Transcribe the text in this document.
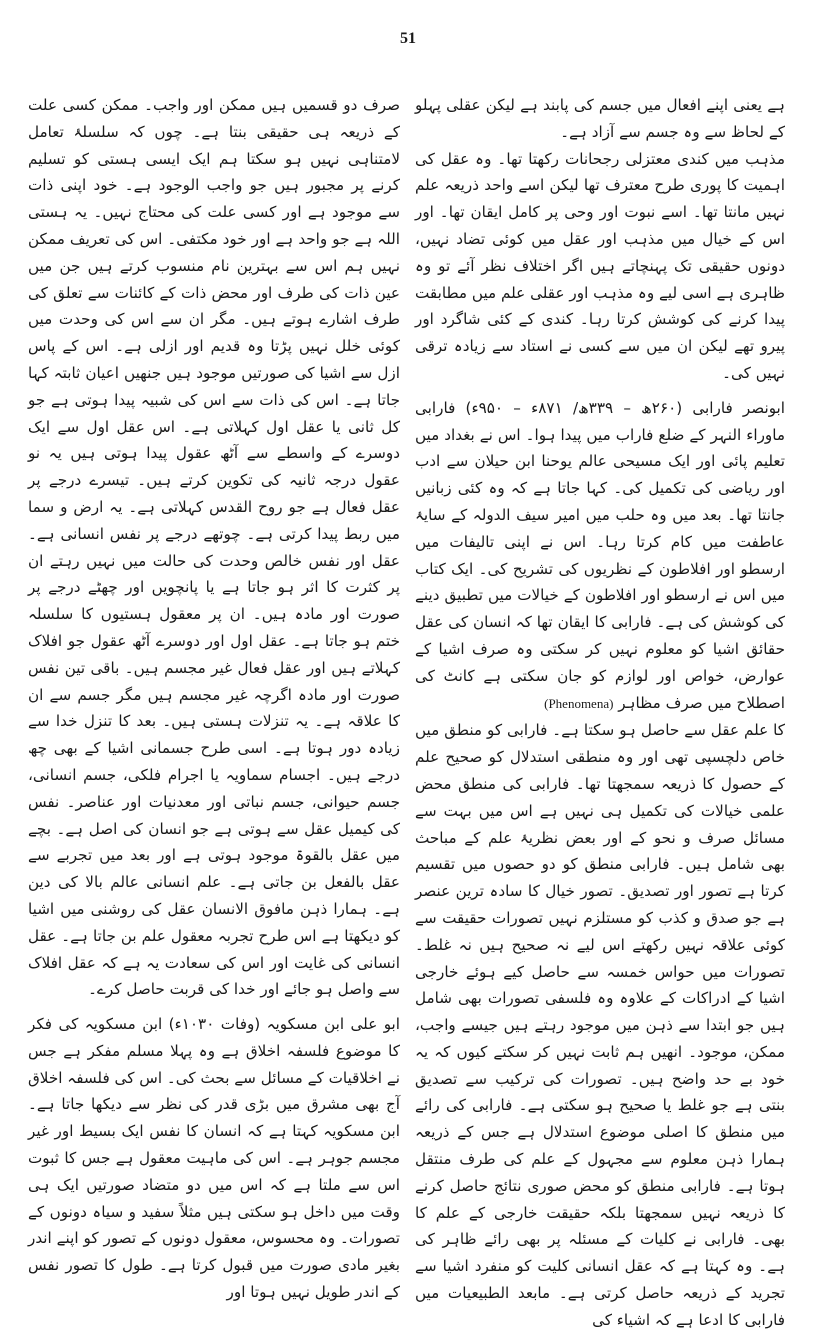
51

ہے یعنی اپنے افعال میں جسم کی پابند ہے لیکن عقلی پہلو کے لحاظ سے وہ جسم سے آزاد ہے۔

مذہب میں کندی معتزلی رجحانات رکھتا تھا۔ وہ عقل کی اہمیت کا پوری طرح معترف تھا لیکن اسے واحد ذریعہ علم نہیں مانتا تھا۔ اسے نبوت اور وحی پر کامل ایقان تھا۔ اور اس کے خیال میں مذہب اور عقل میں کوئی تضاد نہیں، دونوں حقیقی تک پہنچاتے ہیں اگر اختلاف نظر آئے تو وہ ظاہری ہے اسی لیے وہ مذہب اور عقلی علم میں مطابقت پیدا کرنے کی کوشش کرتا رہا۔ کندی کے کئی شاگرد اور پیرو تھے لیکن ان میں سے کسی نے استاد سے زیادہ ترقی نہیں کی۔

ابونصر فارابی (۲۶۰ھ – ۳۳۹ھ/ ۸۷۱ء – ۹۵۰ء) فارابی ماوراء النہر کے ضلع فاراب میں پیدا ہوا۔ اس نے بغداد میں تعلیم پائی اور ایک مسیحی عالم یوحنا ابن حیلان سے ادب اور ریاضی کی تکمیل کی۔ کہا جاتا ہے کہ وہ کئی زبانیں جانتا تھا۔ بعد میں وہ حلب میں امیر سیف الدولہ کے سایۂ عاطفت میں کام کرتا رہا۔ اس نے اپنی تالیفات میں ارسطو اور افلاطون کے نظریوں کی تشریح کی۔ ایک کتاب میں اس نے ارسطو اور افلاطون کے خیالات میں تطبیق دینے کی کوشش کی ہے۔ فارابی کا ایقان تھا کہ انسان کی عقل حقائق اشیا کو معلوم نہیں کر سکتی وہ صرف اشیا کے عوارض، خواص اور لوازم کو جان سکتی ہے کانٹ کی اصطلاح میں صرف مظاہر (Phenomena)

کا علم عقل سے حاصل ہو سکتا ہے۔ فارابی کو منطق میں خاص دلچسپی تھی اور وہ منطقی استدلال کو صحیح علم کے حصول کا ذریعہ سمجھتا تھا۔ فارابی کی منطق محض علمی خیالات کی تکمیل ہی نہیں ہے اس میں بہت سے مسائل صرف و نحو کے اور بعض نظریۂ علم کے مباحث بھی شامل ہیں۔ فارابی منطق کو دو حصوں میں تقسیم کرتا ہے تصور اور تصدیق۔ تصور خیال کا سادہ ترین عنصر ہے جو صدق و کذب کو مستلزم نہیں تصورات حقیقت سے کوئی علاقہ نہیں رکھتے اس لیے نہ صحیح ہیں نہ غلط۔ تصورات میں حواس خمسہ سے حاصل کیے ہوئے خارجی اشیا کے ادراکات کے علاوہ وہ فلسفی تصورات بھی شامل ہیں جو ابتدا سے ذہن میں موجود رہتے ہیں جیسے واجب، ممکن، موجود۔ انھیں ہم ثابت نہیں کر سکتے کیوں کہ یہ خود بے حد واضح ہیں۔ تصورات کی ترکیب سے تصدیق بنتی ہے جو غلط یا صحیح ہو سکتی ہے۔ فارابی کی رائے میں منطق کا اصلی موضوع استدلال ہے جس کے ذریعہ ہمارا ذہن معلوم سے مجہول کے علم کی طرف منتقل ہوتا ہے۔ فارابی منطق کو محض صوری نتائج حاصل کرنے کا ذریعہ نہیں سمجھتا بلکہ حقیقت خارجی کے علم کا بھی۔ فارابی نے کلیات کے مسئلہ پر بھی رائے ظاہر کی ہے۔ وہ کہتا ہے کہ عقل انسانی کلیت کو منفرد اشیا سے تجرید کے ذریعہ حاصل کرتی ہے۔ مابعد الطبیعیات میں فارابی کا ادعا ہے کہ اشیاء کی

صرف دو قسمیں ہیں ممکن اور واجب۔ ممکن کسی علت کے ذریعہ ہی حقیقی بنتا ہے۔ چوں کہ سلسلۂ تعامل لامتناہی نہیں ہو سکتا ہم ایک ایسی ہستی کو تسلیم کرنے پر مجبور ہیں جو واجب الوجود ہے۔ خود اپنی ذات سے موجود ہے اور کسی علت کی محتاج نہیں۔ یہ ہستی اللہ ہے جو واحد ہے اور خود مکتفی۔ اس کی تعریف ممکن نہیں ہم اس سے بہترین نام منسوب کرتے ہیں جن میں عین ذات کی طرف اور محض ذات کے کائنات سے تعلق کی طرف اشارے ہوتے ہیں۔ مگر ان سے اس کی وحدت میں کوئی خلل نہیں پڑتا وہ قدیم اور ازلی ہے۔ اس کے پاس ازل سے اشیا کی صورتیں موجود ہیں جنھیں اعیان ثابتہ کہا جاتا ہے۔ اس کی ذات سے اس کی شبیہ پیدا ہوتی ہے جو کل ثانی یا عقل اول کہلاتی ہے۔ اس عقل اول سے ایک دوسرے کے واسطے سے آٹھ عقول پیدا ہوتی ہیں یہ نو عقول درجہ ثانیہ کی تکوین کرتے ہیں۔ تیسرے درجے پر عقل فعال ہے جو روح القدس کہلاتی ہے۔ یہ ارض و سما میں ربط پیدا کرتی ہے۔ چوتھے درجے پر نفس انسانی ہے۔ عقل اور نفس خالص وحدت کی حالت میں نہیں رہتے ان پر کثرت کا اثر ہو جاتا ہے یا پانچویں اور چھٹے درجے پر صورت اور مادہ ہیں۔ ان پر معقول ہستیوں کا سلسلہ ختم ہو جاتا ہے۔ عقل اول اور دوسرے آٹھ عقول جو افلاک کہلاتے ہیں اور عقل فعال غیر مجسم ہیں۔ باقی تین نفس صورت اور مادہ اگرچہ غیر مجسم ہیں مگر جسم سے ان کا علاقہ ہے۔ یہ تنزلات ہستی ہیں۔ بعد کا تنزل خدا سے زیادہ دور ہوتا ہے۔ اسی طرح جسمانی اشیا کے بھی چھ درجے ہیں۔ اجسام سماویہ یا اجرام فلکی، جسم انسانی، جسم حیوانی، جسم نباتی اور معدنیات اور عناصر۔ نفس کی کیمیل عقل سے ہوتی ہے جو انسان کی اصل ہے۔ بچے میں عقل بالقوۃ موجود ہوتی ہے اور بعد میں تجربے سے عقل بالفعل بن جاتی ہے۔ علم انسانی عالم بالا کی دین ہے۔ ہمارا ذہن مافوق الانسان عقل کی روشنی میں اشیا کو دیکھتا ہے اس طرح تجربہ معقول علم بن جاتا ہے۔ عقل انسانی کی غایت اور اس کی سعادت یہ ہے کہ عقل افلاک سے واصل ہو جائے اور خدا کی قربت حاصل کرے۔

ابو علی ابن مسکویہ (وفات ۱۰۳۰ء) ابن مسکویہ کی فکر کا موضوع فلسفہ اخلاق ہے وہ پہلا مسلم مفکر ہے جس نے اخلاقیات کے مسائل سے بحث کی۔ اس کی فلسفہ اخلاق آج بھی مشرق میں بڑی قدر کی نظر سے دیکھا جاتا ہے۔ ابن مسکویہ کہتا ہے کہ انسان کا نفس ایک بسیط اور غیر مجسم جوہر ہے۔ اس کی ماہیت معقول ہے جس کا ثبوت اس سے ملتا ہے کہ اس میں دو متضاد صورتیں ایک ہی وقت میں داخل ہو سکتی ہیں مثلاً سفید و سیاہ دونوں کے تصورات۔ وہ محسوس، معقول دونوں کے تصور کو اپنے اندر بغیر مادی صورت میں قبول کرتا ہے۔ طول کا تصور نفس کے اندر طویل نہیں ہوتا اور
